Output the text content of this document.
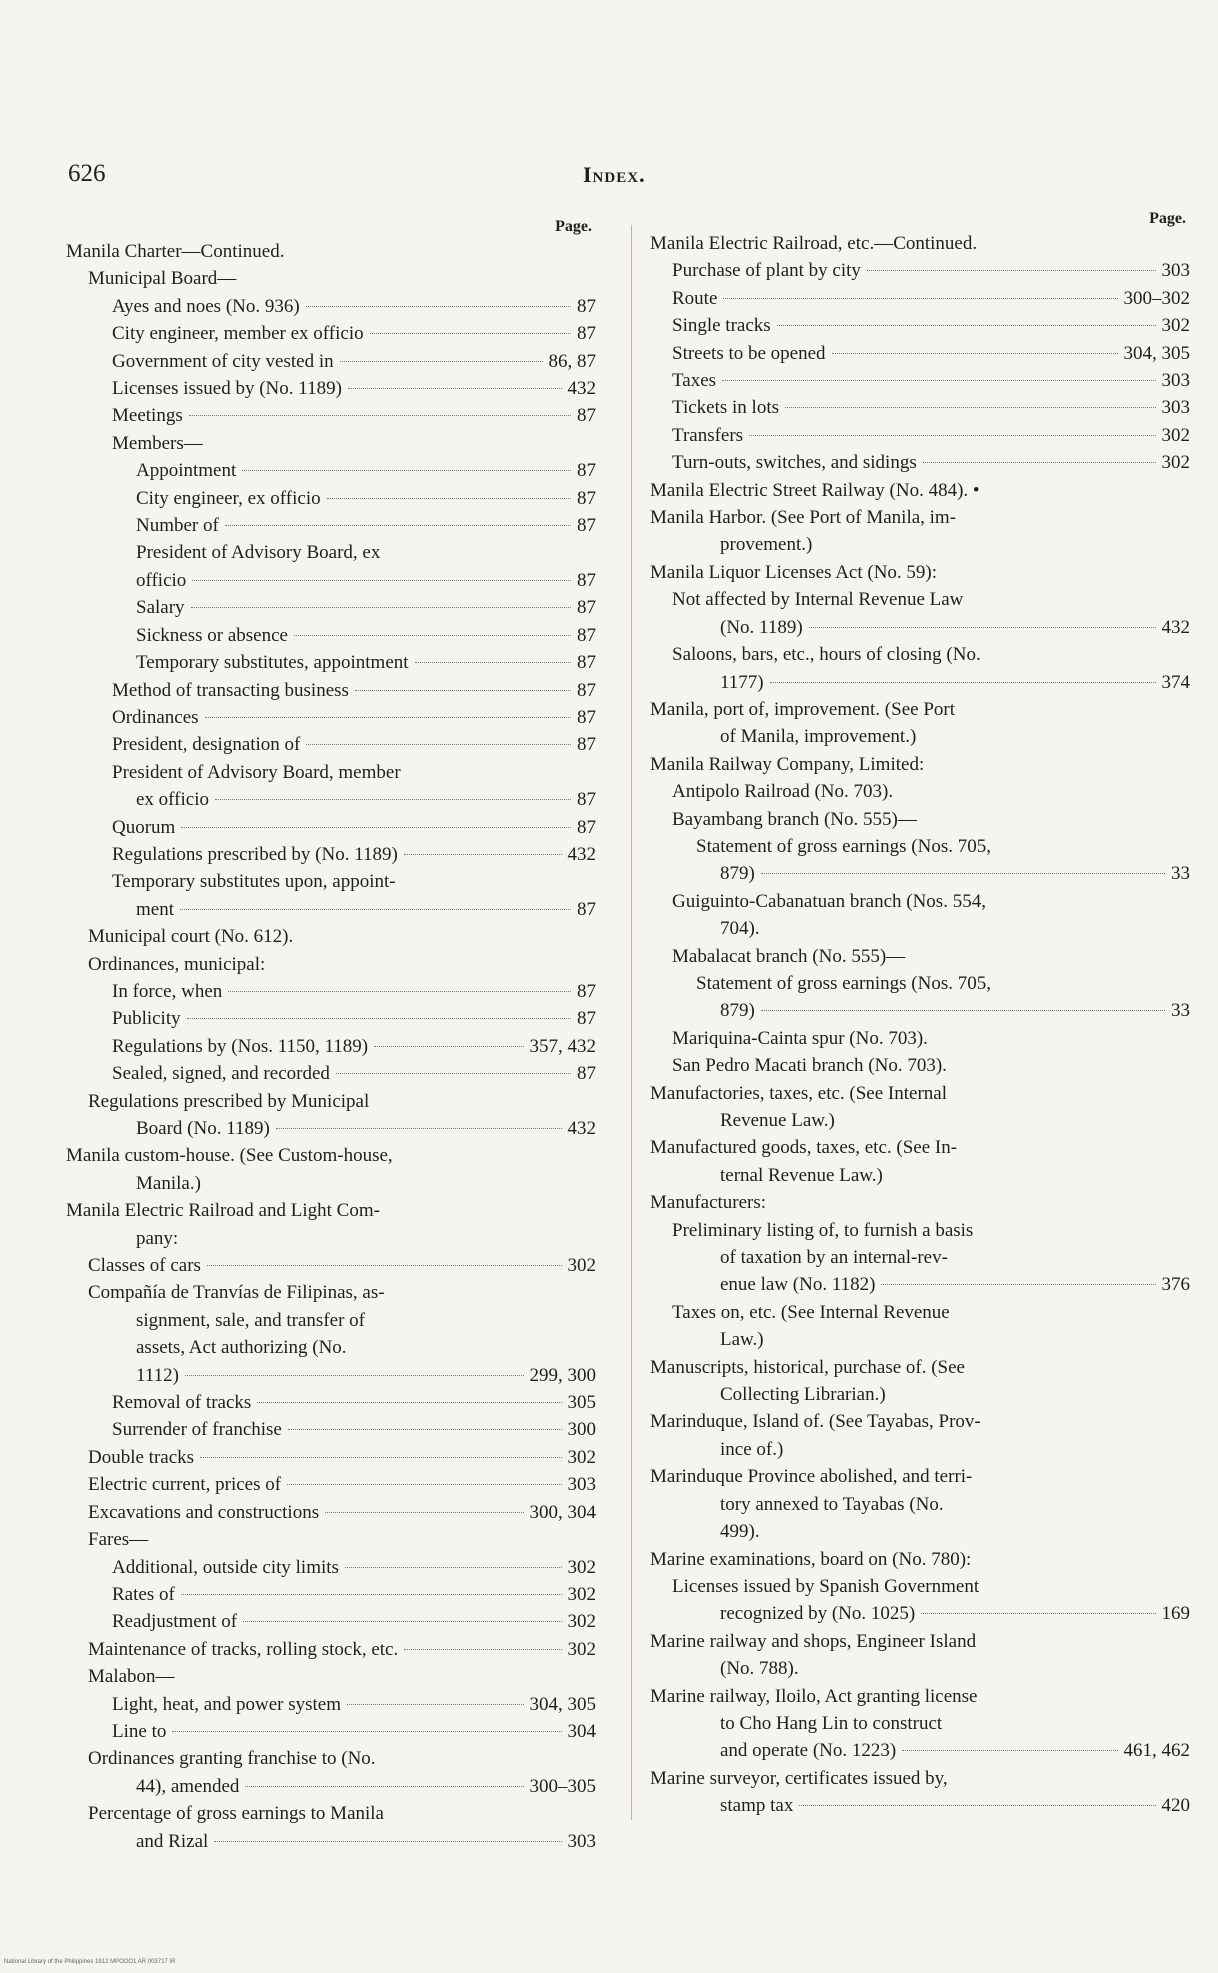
626	Index.
Page.
Manila Charter—Continued.
Municipal Board—
Ayes and noes (No. 936)	87
City engineer, member ex officio	87
Government of city vested in	86, 87
Licenses issued by (No. 1189)	432
Meetings	87
Members—
Appointment	87
City engineer, ex officio	87
Number of	87
President of Advisory Board, ex
officio	87
Salary	87
Sickness or absence	87
Temporary substitutes, appointment	87
Method of transacting business	87
Ordinances	87
President, designation of	87
President of Advisory Board, member
ex officio	87
Quorum	87
Regulations prescribed by (No. 1189)	432
Temporary substitutes upon, appoint-
ment	87
Municipal court (No. 612).
Ordinances, municipal:
In force, when	87
Publicity	87
Regulations by (Nos. 1150, 1189)	357, 432
Sealed, signed, and recorded	87
Regulations prescribed by Municipal
Board (No. 1189)	432
Manila custom-house. (See Custom-house,
Manila.)
Manila Electric Railroad and Light Com-
pany:
Classes of cars	302
Compañía de Tranvías de Filipinas, as-
signment, sale, and transfer of
assets, Act authorizing (No.
1112)	299, 300
Removal of tracks	305
Surrender of franchise	300
Double tracks	302
Electric current, prices of	303
Excavations and constructions	300, 304
Fares—
Additional, outside city limits	302
Rates of	302
Readjustment of	302
Maintenance of tracks, rolling stock, etc.	302
Malabon—
Light, heat, and power system	304, 305
Line to	304
Ordinances granting franchise to (No.
44), amended	300–305
Percentage of gross earnings to Manila
and Rizal	303
Page.
Manila Electric Railroad, etc.—Continued.
Purchase of plant by city	303
Route	300–302
Single tracks	302
Streets to be opened	304, 305
Taxes	303
Tickets in lots	303
Transfers	302
Turn-outs, switches, and sidings	302
Manila Electric Street Railway (No. 484). •
Manila Harbor. (See Port of Manila, im-
provement.)
Manila Liquor Licenses Act (No. 59):
Not affected by Internal Revenue Law
(No. 1189)	432
Saloons, bars, etc., hours of closing (No.
1177)	374
Manila, port of, improvement. (See Port
of Manila, improvement.)
Manila Railway Company, Limited:
Antipolo Railroad (No. 703).
Bayambang branch (No. 555)—
Statement of gross earnings (Nos. 705,
879)	33
Guiguinto-Cabanatuan branch (Nos. 554,
704).
Mabalacat branch (No. 555)—
Statement of gross earnings (Nos. 705,
879)	33
Mariquina-Cainta spur (No. 703).
San Pedro Macati branch (No. 703).
Manufactories, taxes, etc. (See Internal
Revenue Law.)
Manufactured goods, taxes, etc. (See In-
ternal Revenue Law.)
Manufacturers:
Preliminary listing of, to furnish a basis
of taxation by an internal-rev-
enue law (No. 1182)	376
Taxes on, etc. (See Internal Revenue
Law.)
Manuscripts, historical, purchase of. (See
Collecting Librarian.)
Marinduque, Island of. (See Tayabas, Prov-
ince of.)
Marinduque Province abolished, and terri-
tory annexed to Tayabas (No.
499).
Marine examinations, board on (No. 780):
Licenses issued by Spanish Government
recognized by (No. 1025)	169
Marine railway and shops, Engineer Island
(No. 788).
Marine railway, Iloilo, Act granting license
to Cho Hang Lin to construct
and operate (No. 1223)	461, 462
Marine surveyor, certificates issued by,
stamp tax	420
National Library of the Philippines 1912 MPOOO1 AR 003717 IR
